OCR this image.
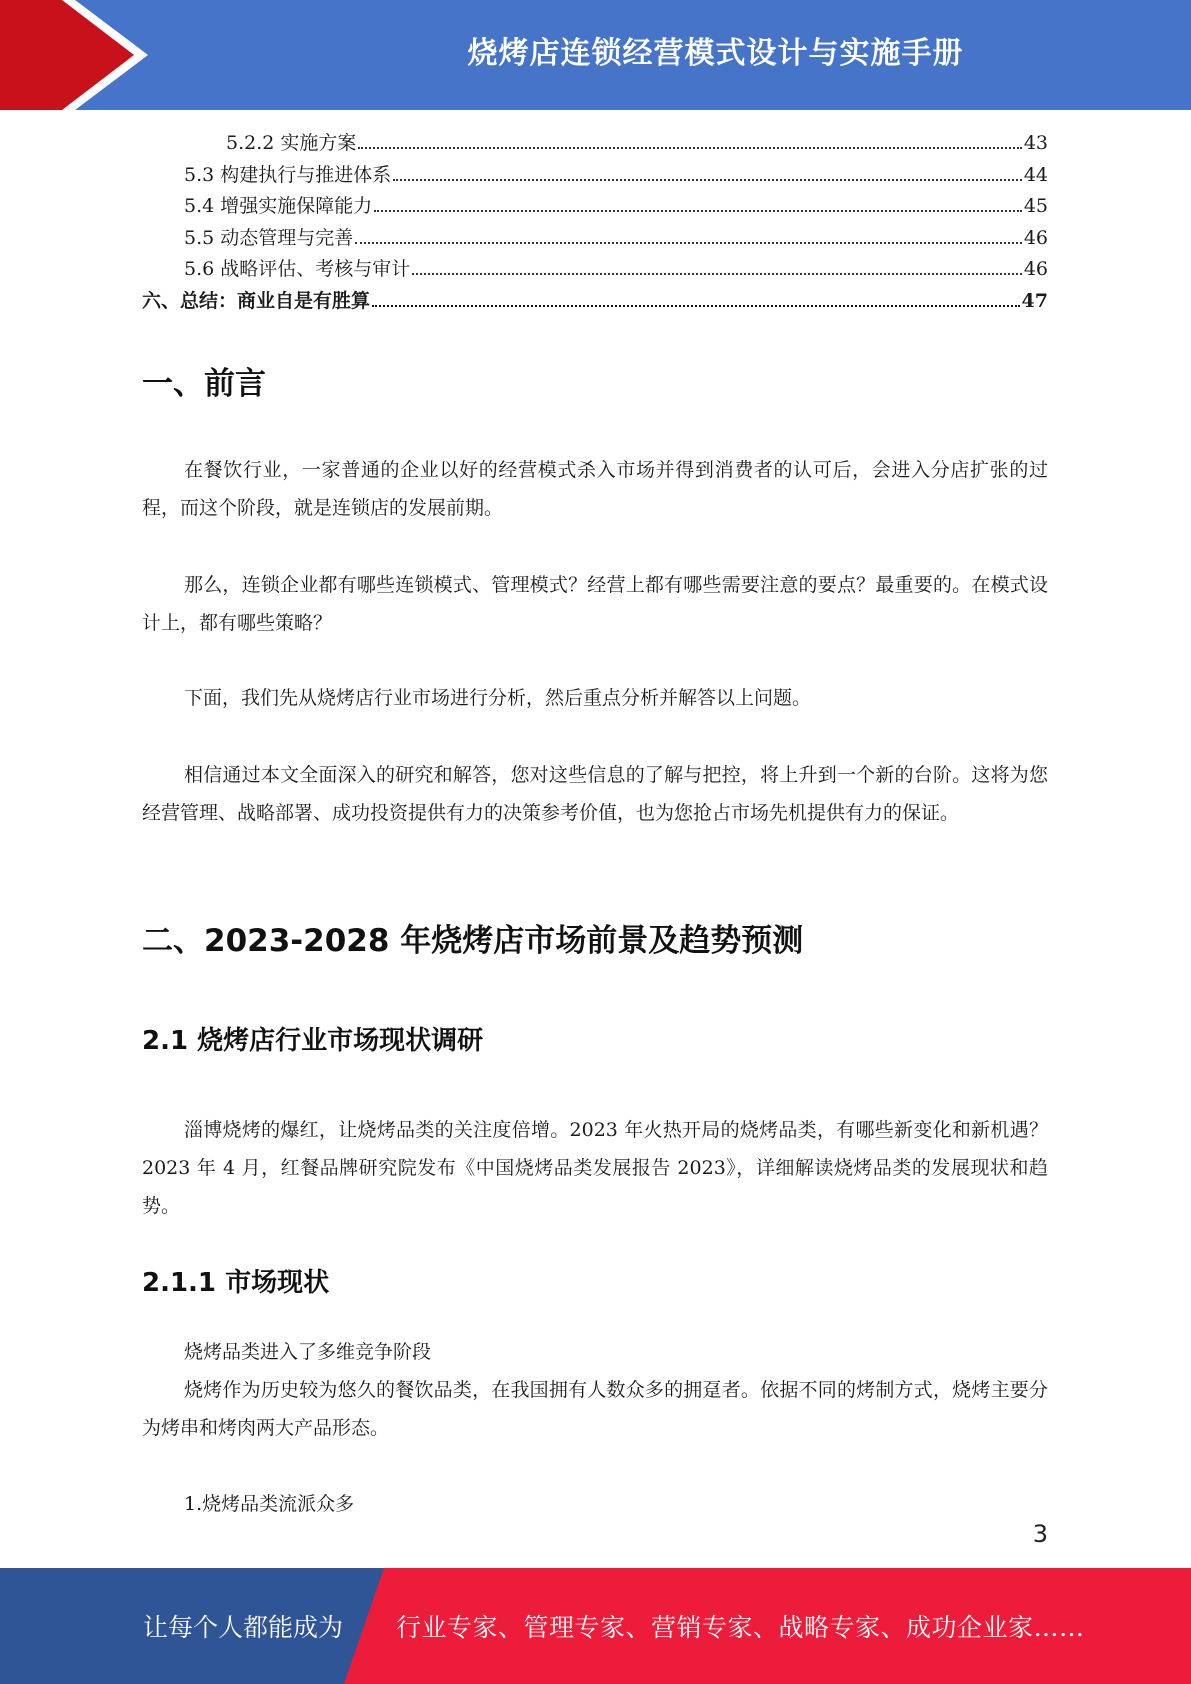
烧烤店连锁经营模式设计与实施手册
5.2.2 实施方案	43
5.3 构建执行与推进体系	44
5.4 增强实施保障能力	45
5.5 动态管理与完善	46
5.6 战略评估、考核与审计	46
六、总结：商业自是有胜算	47
一、前言
在餐饮行业，一家普通的企业以好的经营模式杀入市场并得到消费者的认可后，会进入分店扩张的过程，而这个阶段，就是连锁店的发展前期。
那么，连锁企业都有哪些连锁模式、管理模式？经营上都有哪些需要注意的要点？最重要的。在模式设计上，都有哪些策略？
下面，我们先从烧烤店行业市场进行分析，然后重点分析并解答以上问题。
相信通过本文全面深入的研究和解答，您对这些信息的了解与把控，将上升到一个新的台阶。这将为您经营管理、战略部署、成功投资提供有力的决策参考价值，也为您抢占市场先机提供有力的保证。
二、2023-2028 年烧烤店市场前景及趋势预测
2.1 烧烤店行业市场现状调研
淄博烧烤的爆红，让烧烤品类的关注度倍增。2023 年火热开局的烧烤品类，有哪些新变化和新机遇？2023 年 4 月，红餐品牌研究院发布《中国烧烤品类发展报告 2023》，详细解读烧烤品类的发展现状和趋势。
2.1.1 市场现状
烧烤品类进入了多维竞争阶段
烧烤作为历史较为悠久的餐饮品类，在我国拥有人数众多的拥趸者。依据不同的烤制方式，烧烤主要分为烤串和烤肉两大产品形态。
1.烧烤品类流派众多
3
让每个人都能成为 行业专家、管理专家、营销专家、战略专家、成功企业家……
